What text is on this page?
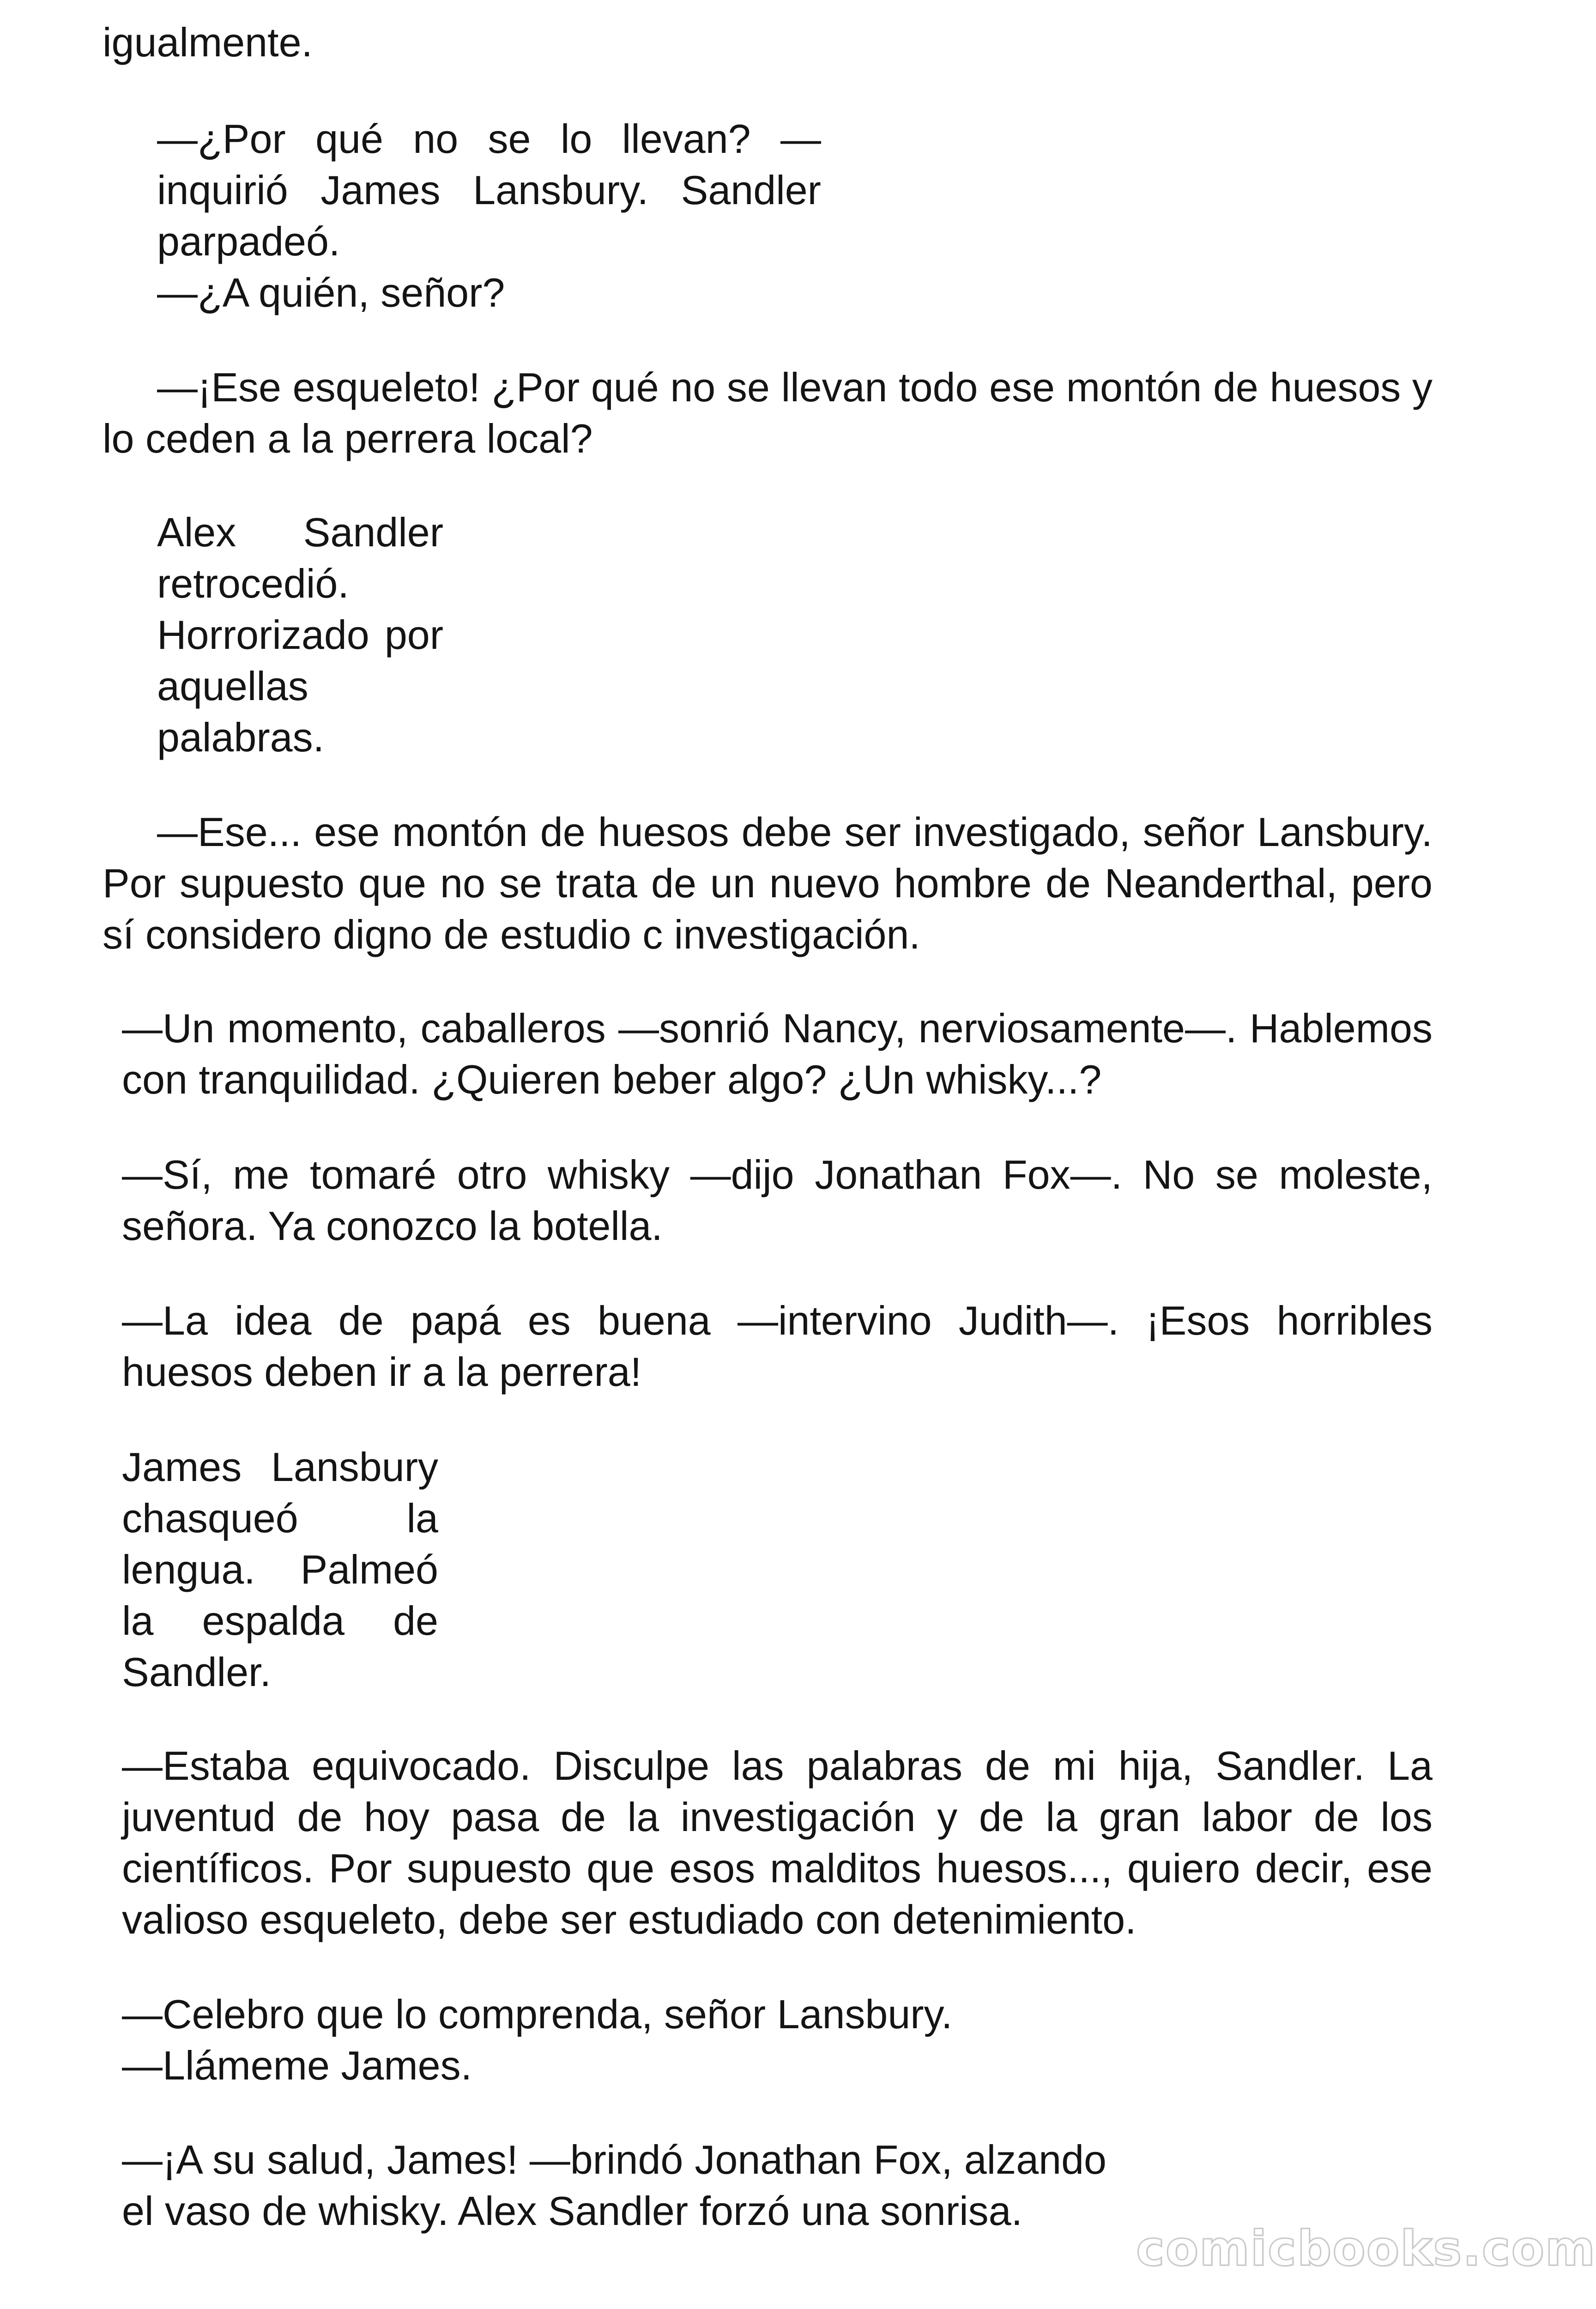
igualmente.

—¿Por qué no se lo llevan? —inquirió James Lansbury. Sandler parpadeó.

—¿A quién, señor?

—¡Ese esqueleto! ¿Por qué no se llevan todo ese montón de huesos y lo ceden a la perrera local?

Alex Sandler retrocedió. Horrorizado por aquellas palabras.

—Ese... ese montón de huesos debe ser investigado, señor Lansbury. Por supuesto que no se trata de un nuevo hombre de Neanderthal, pero sí considero digno de estudio c investigación.

—Un momento, caballeros —sonrió Nancy, nerviosamente—. Hablemos con tranquilidad. ¿Quieren beber algo? ¿Un whisky...?

—Sí, me tomaré otro whisky —dijo Jonathan Fox—. No se moleste, señora. Ya conozco la botella.

—La idea de papá es buena —intervino Judith—. ¡Esos horribles huesos deben ir a la perrera!

James Lansbury chasqueó la lengua. Palmeó la espalda de Sandler.

—Estaba equivocado. Disculpe las palabras de mi hija, Sandler. La juventud de hoy pasa de la investigación y de la gran labor de los científicos. Por supuesto que esos malditos huesos..., quiero decir, ese valioso esqueleto, debe ser estudiado con detenimiento.

—Celebro que lo comprenda, señor Lansbury.

—Llámeme James.

—¡A su salud, James! —brindó Jonathan Fox, alzando el vaso de whisky. Alex Sandler forzó una sonrisa.

comicbooks.com
